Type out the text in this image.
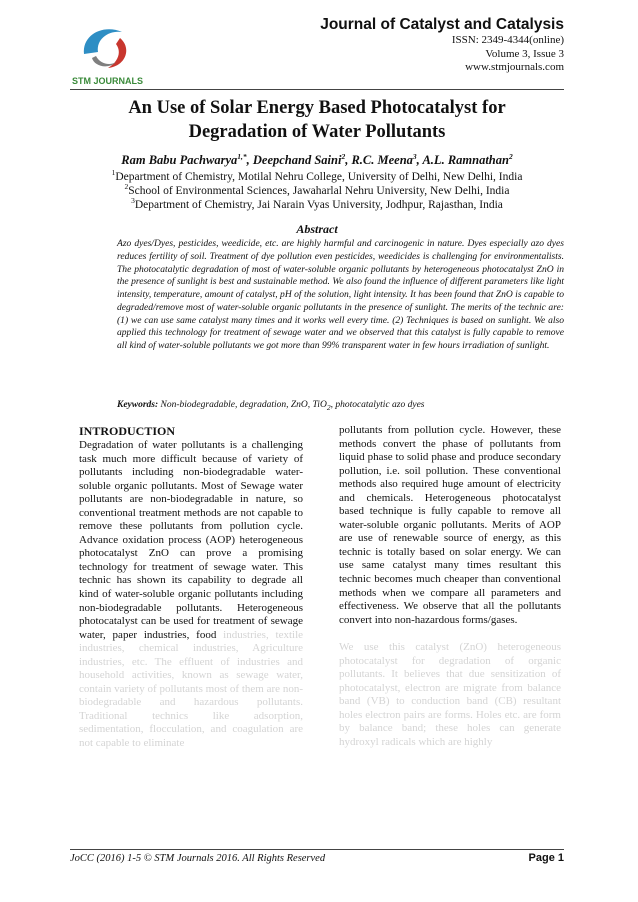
STM JOURNALS
Journal of Catalyst and Catalysis
ISSN: 2349-4344(online)
Volume 3, Issue 3
www.stmjournals.com
An Use of Solar Energy Based Photocatalyst for
Degradation of Water Pollutants
Ram Babu Pachwarya$^{1,*}$, Deepchand Saini$^2$, R.C. Meena$^3$, A.L. Ramnathan$^2$
$^1$Department of Chemistry, Motilal Nehru College, University of Delhi, New Delhi, India
$^2$School of Environmental Sciences, Jawaharlal Nehru University, New Delhi, India
$^3$Department of Chemistry, Jai Narain Vyas University, Jodhpur, Rajasthan, India
Abstract
Azo dyes/Dyes, pesticides, weedicide, etc. are highly harmful and carcinogenic in nature. Dyes especially azo dyes reduces fertility of soil. Treatment of dye pollution even pesticides, weedicides is challenging for environmentalists. The photocatalytic degradation of most of water-soluble organic pollutants by heterogeneous photocatalyst ZnO in the presence of sunlight is best and sustainable method. We also found the influence of different parameters like light intensity, temperature, amount of catalyst, pH of the solution, light intensity. It has been found that ZnO is capable to degraded/remove most of water-soluble organic pollutants in the presence of sunlight. The merits of the technic are: (1) we can use same catalyst many times and it works well every time. (2) Techniques is based on sunlight. We also applied this technology for treatment of sewage water and we observed that this catalyst is fully capable to remove all kind of water-soluble pollutants we got more than 99% transparent water in few hours irradiation of sunlight.
Keywords: Non-biodegradable, degradation, ZnO, TiO$_2$, photocatalytic azo dyes
INTRODUCTION

Degradation of water pollutants is a challenging task much more difficult because of variety of pollutants including non-biodegradable water-soluble organic pollutants. Most of Sewage water pollutants are non-biodegradable in nature, so conventional treatment methods are not capable to remove these pollutants from pollution cycle. Advance oxidation process (AOP) heterogeneous photocatalyst ZnO can prove a promising technology for treatment of sewage water. This technic has shown its capability to degrade all kind of water-soluble organic pollutants including non-biodegradable pollutants. Heterogeneous photocatalyst can be used for treatment of sewage water, paper industries, food industries, textile industries, chemical industries, Agriculture industries, etc. The effluent of industries and household activities, known as sewage water, contain variety of pollutants most of them are non-biodegradable and hazardous pollutants. Traditional technics like adsorption, sedimentation, flocculation, and coagulation are not capable to eliminate

pollutants from pollution cycle. However, these methods convert the phase of pollutants from liquid phase to solid phase and produce secondary pollution, i.e. soil pollution. These conventional methods also required huge amount of electricity and chemicals. Heterogeneous photocatalyst based technique is fully capable to remove all water-soluble organic pollutants. Merits of AOP are use of renewable source of energy, as this technic is totally based on solar energy. We can use same catalyst many times resultant this technic becomes much cheaper than conventional methods when we compare all parameters and effectiveness. We observe that all the pollutants convert into non-hazardous forms/gases.

We use this catalyst (ZnO) heterogeneous photocatalyst for degradation of organic pollutants. It believes that due sensitization of photocatalyst, electron are migrate from balance band (VB) to conduction band (CB) resultant holes electron pairs are forms. Holes etc. are form by balance band; these holes can generate hydroxyl radicals which are highly

JoCC (2016) 1-5 © STM Journals 2016. All Rights Reserved	Page 1
